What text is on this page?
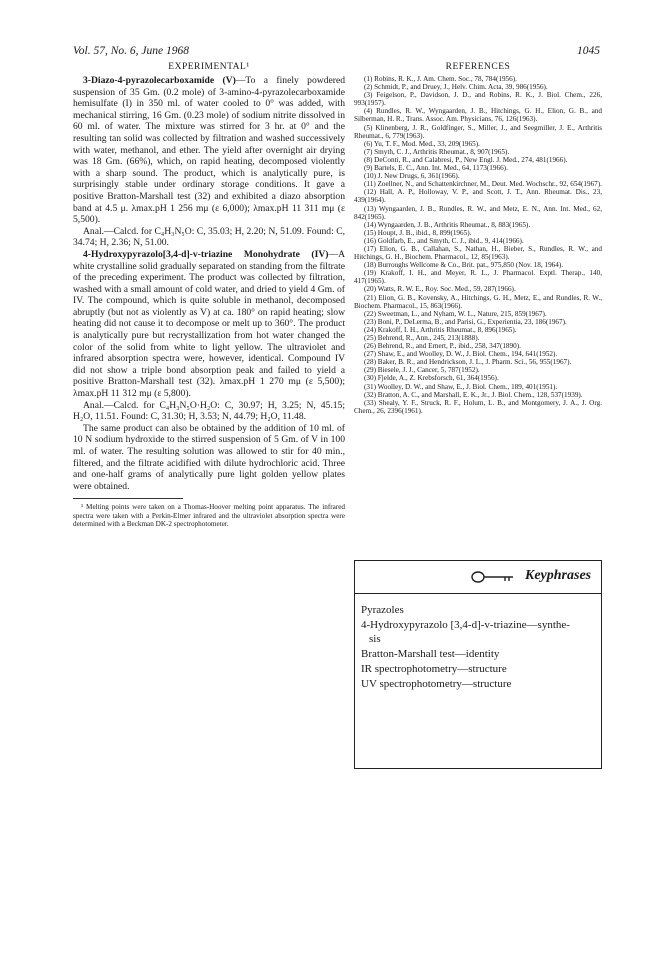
Vol. 57, No. 6, June 1968	1045
EXPERIMENTAL¹

3-Diazo-4-pyrazolecarboxamide (V)—To a finely powdered suspension of 35 Gm. (0.2 mole) of 3-amino-4-pyrazolecarboxamide hemisulfate (I) in 350 ml. of water cooled to 0° was added, with mechanical stirring, 16 Gm. (0.23 mole) of sodium nitrite dissolved in 60 ml. of water. The mixture was stirred for 3 hr. at 0° and the resulting tan solid was collected by filtration and washed successively with water, methanol, and ether. The yield after overnight air drying was 18 Gm. (66%), which, on rapid heating, decomposed violently with a sharp sound. The product, which is analytically pure, is surprisingly stable under ordinary storage conditions. It gave a positive Bratton-Marshall test (32) and exhibited a diazo absorption band at 4.5 μ. λmax.pH 1 256 mμ (ε 6,000); λmax.pH 11 311 mμ (ε 5,500).

Anal.—Calcd. for C₄H₃N₅O: C, 35.03; H, 2.20; N, 51.09. Found: C, 34.74; H, 2.36; N, 51.00.

4-Hydroxypyrazolo[3,4-d]-v-triazine Monohydrate (IV)—A white crystalline solid gradually separated on standing from the filtrate of the preceding experiment. The product was collected by filtration, washed with a small amount of cold water, and dried to yield 4 Gm. of IV. The compound, which is quite soluble in methanol, decomposed abruptly (but not as violently as V) at ca. 180° on rapid heating; slow heating did not cause it to decompose or melt up to 360°. The product is analytically pure but recrystallization from hot water changed the color of the solid from white to light yellow. The ultraviolet and infrared absorption spectra were, however, identical. Compound IV did not show a triple bond absorption peak and failed to yield a positive Bratton-Marshall test (32). λmax.pH 1 270 mμ (ε 5,500); λmax.pH 11 312 mμ (ε 5,800).

Anal.—Calcd. for C₄H₃N₅O·H₂O: C, 30.97; H, 3.25; N, 45.15; H₂O, 11.51. Found: C, 31.30; H, 3.53; N, 44.79; H₂O, 11.48.

The same product can also be obtained by the addition of 10 ml. of 10 N sodium hydroxide to the stirred suspension of 5 Gm. of V in 100 ml. of water. The resulting solution was allowed to stir for 40 min., filtered, and the filtrate acidified with dilute hydrochloric acid. Three and one-half grams of analytically pure light golden yellow plates were obtained.

¹ Melting points were taken on a Thomas-Hoover melting point apparatus. The infrared spectra were taken with a Perkin-Elmer infrared and the ultraviolet absorption spectra were determined with a Beckman DK-2 spectrophotometer.

REFERENCES
(1) Robins, R. K., J. Am. Chem. Soc., 78, 784(1956).
(2) Schmidt, P., and Druey, J., Helv. Chim. Acta, 39, 986(1956).
(3) Feigelson, P., Davidson, J. D., and Robins, R. K., J. Biol. Chem., 226, 993(1957).
(4) Rundles, R. W., Wyngaarden, J. B., Hitchings, G. H., Elion, G. B., and Silberman, H. R., Trans. Assoc. Am. Physicians, 76, 126(1963).
(5) Klinenberg, J. R., Goldfinger, S., Miller, J., and Seegmiller, J. E., Arthritis Rheumat., 6, 779(1963).
(6) Yu, T. F., Mod. Med., 33, 209(1965).
(7) Smyth, C. J., Arthritis Rheumat., 8, 907(1965).
(8) DeConti, R., and Calabresi, P., New Engl. J. Med., 274, 481(1966).
(9) Bartels, E. C., Ann. Int. Med., 64, 1173(1966).
(10) J. New Drugs, 6, 361(1966).
(11) Zoellner, N., and Schattenkirchner, M., Deut. Med. Wochschr., 92, 654(1967).
(12) Hall, A. P., Holloway, V. P., and Scott, J. T., Ann. Rheumat. Dis., 23, 439(1964).
(13) Wyngaarden, J. B., Rundles, R. W., and Metz, E. N., Ann. Int. Med., 62, 842(1965).
(14) Wyngaarden, J. B., Arthritis Rheumat., 8, 883(1965).
(15) Houpt, J. B., ibid., 8, 899(1965).
(16) Goldfarb, E., and Smyth, C. J., ibid., 9, 414(1966).
(17) Elion, G. B., Callahan, S., Nathan, H., Bieber, S., Rundles, R. W., and Hitchings, G. H., Biochem. Pharmacol., 12, 85(1963).
(18) Burroughs Wellcome & Co., Brit. pat., 975,850 (Nov. 18, 1964).
(19) Krakoff, I. H., and Meyer, R. L., J. Pharmacol. Exptl. Therap., 140, 417(1965).
(20) Watts, R. W. E., Roy. Soc. Med., 59, 287(1966).
(21) Elion, G. B., Kovensky, A., Hitchings, G. H., Metz, E., and Rundles, R. W., Biochem. Pharmacol., 15, 863(1966).
(22) Sweetman, L., and Nyham, W. L., Nature, 215, 859(1967).
(23) Boni, P., DeLerma, B., and Parisi, G., Experientia, 23, 186(1967).
(24) Krakoff, I. H., Arthritis Rheumat., 8, 896(1965).
(25) Behrend, R., Ann., 245, 213(1888).
(26) Behrend, R., and Ernert, P., ibid., 258, 347(1890).
(27) Shaw, E., and Woolley, D. W., J. Biol. Chem., 194, 641(1952).
(28) Baker, B. R., and Hendrickson, J. L., J. Pharm. Sci., 56, 955(1967).
(29) Biesele, J. J., Cancer, 5, 787(1952).
(30) Fjelde, A., Z. Krebsforsch, 61, 364(1956).
(31) Woolley, D. W., and Shaw, E., J. Biol. Chem., 189, 401(1951).
(32) Bratton, A. C., and Marshall, E. K., Jr., J. Biol. Chem., 128, 537(1939).
(33) Shealy, Y. F., Struck, R. F., Holum, L. B., and Montgomery, J. A., J. Org. Chem., 26, 2396(1961).
Keyphrases
Pyrazoles
4-Hydroxypyrazolo [3,4-d]-v-triazine—synthe-
sis
Bratton-Marshall test—identity
IR spectrophotometry—structure
UV spectrophotometry—structure
